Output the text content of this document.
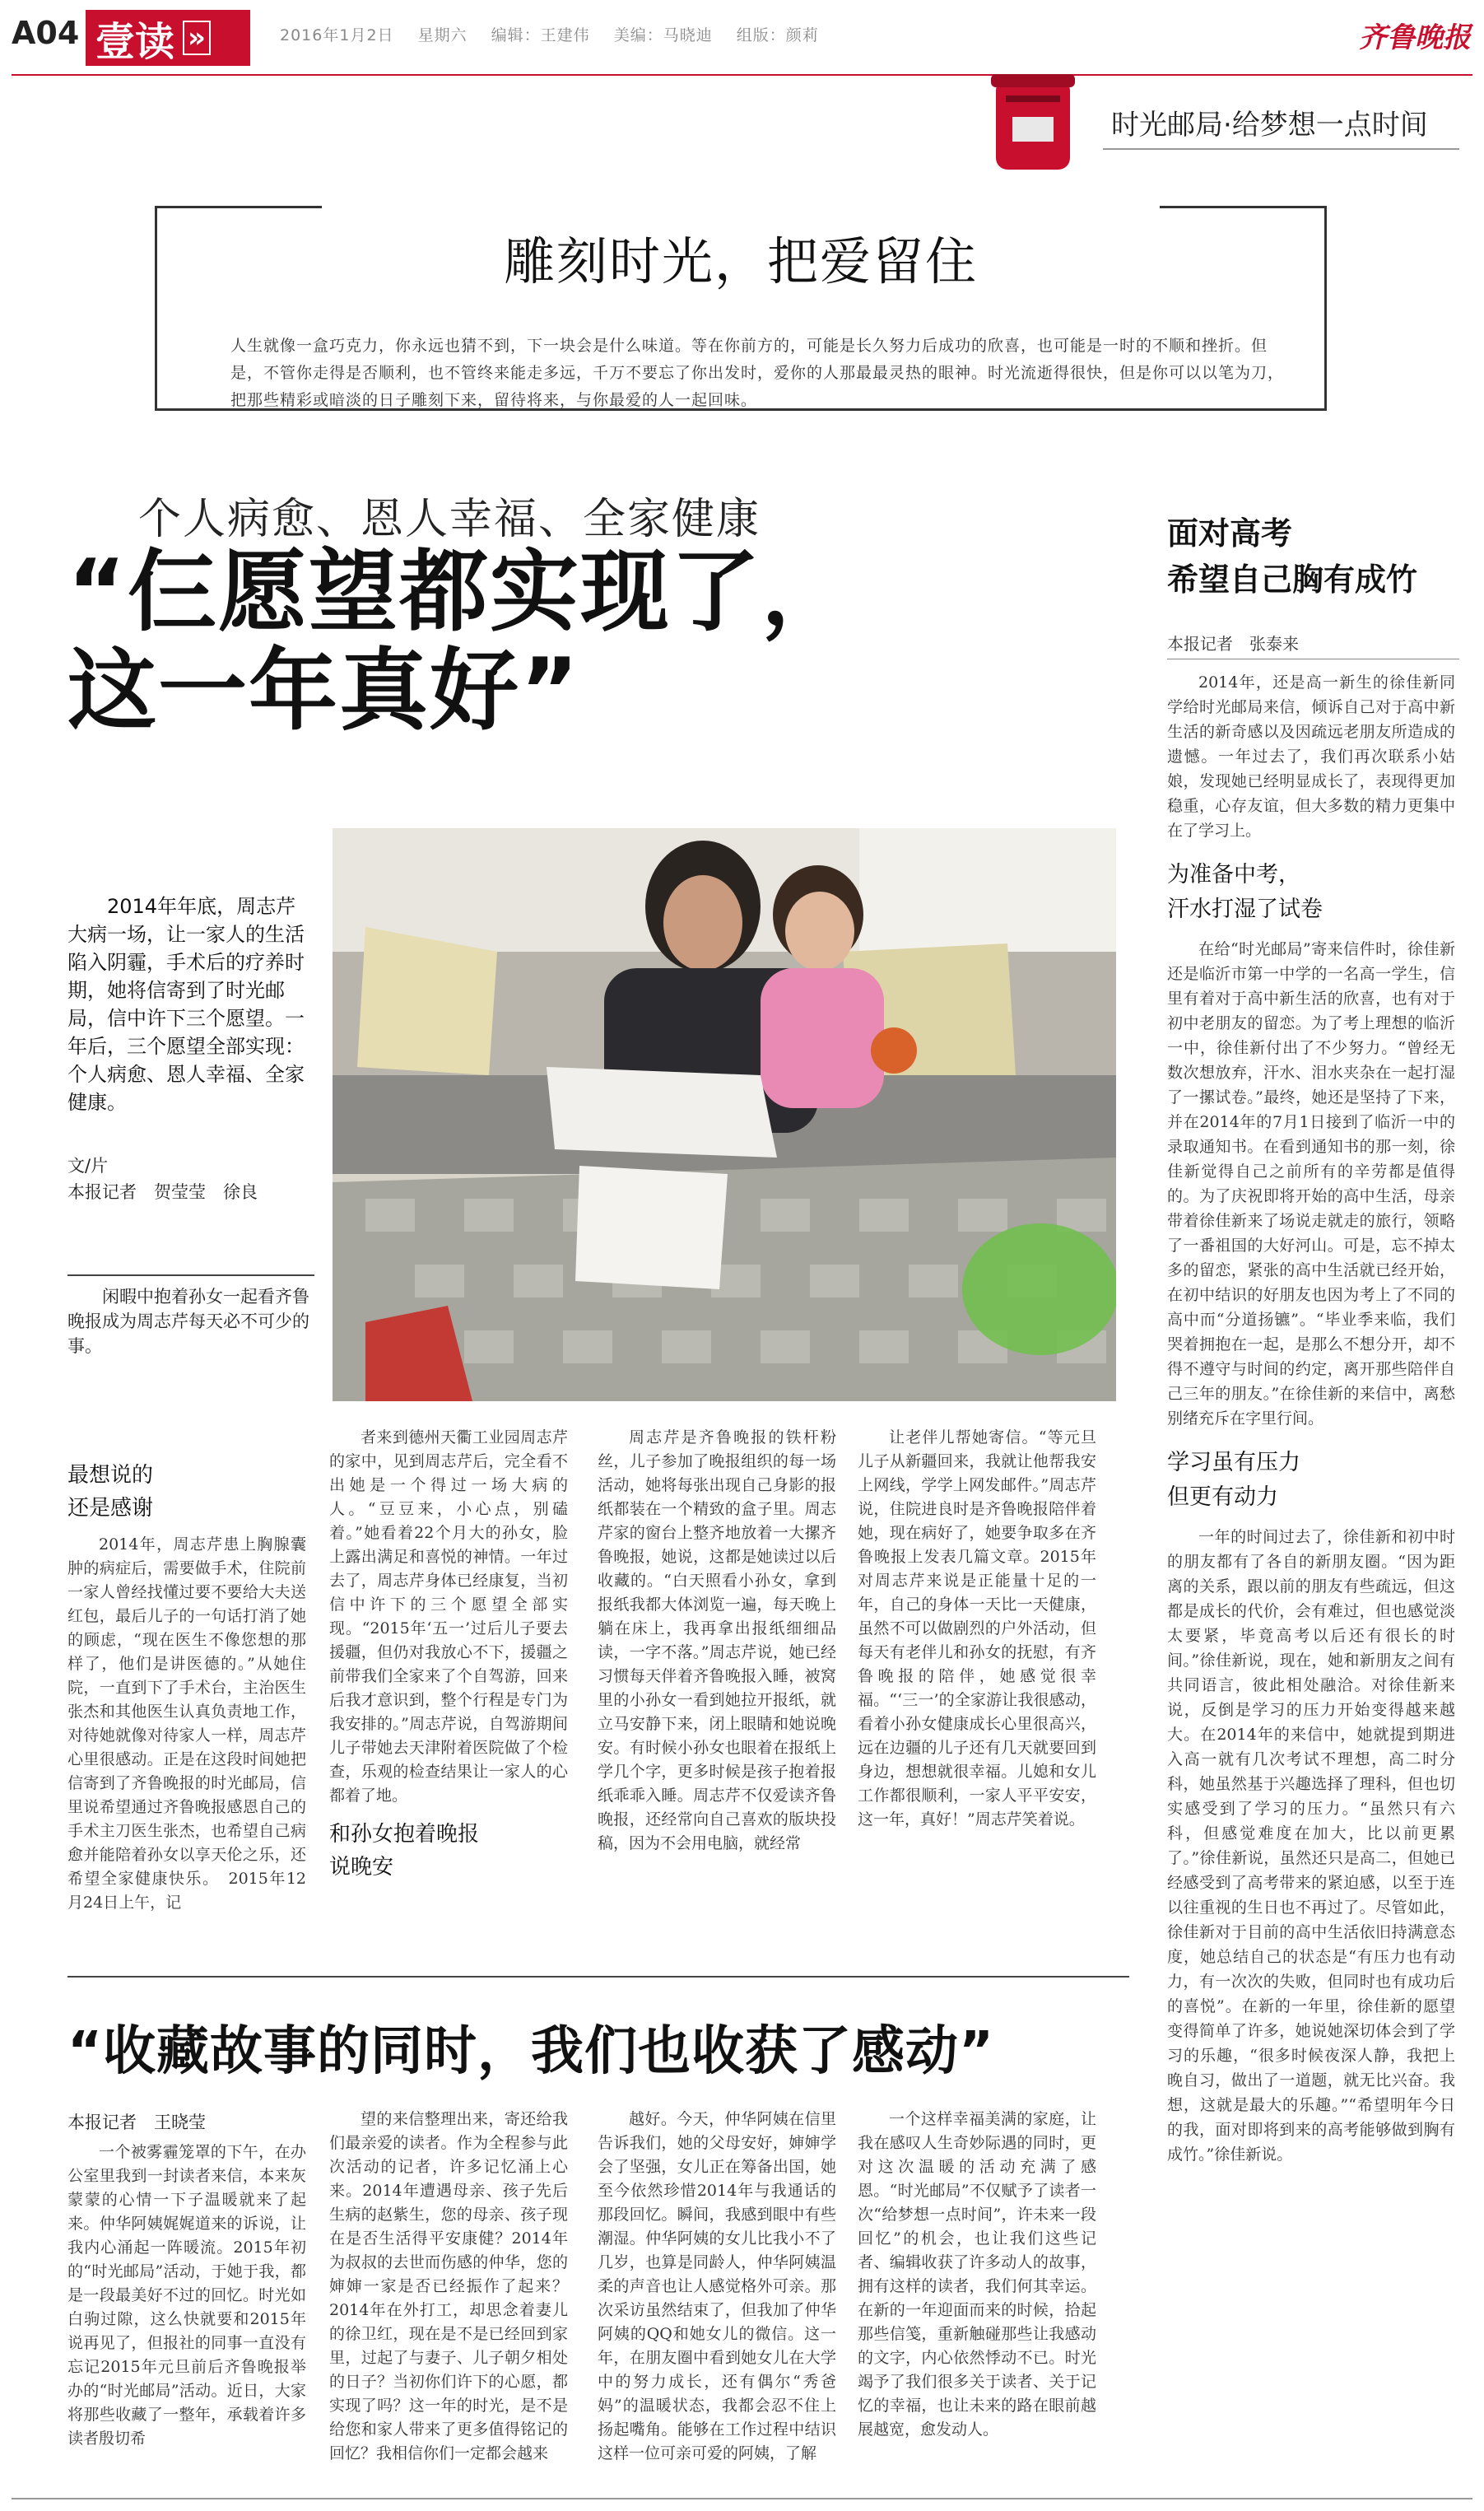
A04 壹读 »	2016年1月2日 星期六 编辑：王建伟 美编：马晓迪 组版：颜莉	齐鲁晚报
时光邮局·给梦想一点时间
雕刻时光，把爱留住
人生就像一盒巧克力，你永远也猜不到，下一块会是什么味道。等在你前方的，可能是长久努力后成功的欣喜，也可能是一时的不顺和挫折。但是，不管你走得是否顺利，也不管终来能走多远，千万不要忘了你出发时，爱你的人那最最灵热的眼神。时光流逝得很快，但是你可以以笔为刀，把那些精彩或暗淡的日子雕刻下来，留待将来，与你最爱的人一起回味。
个人病愈、恩人幸福、全家健康
“仨愿望都实现了，
这一年真好”
2014年年底，周志芹大病一场，让一家人的生活陷入阴霾，手术后的疗养时期，她将信寄到了时光邮局，信中许下三个愿望。一年后，三个愿望全部实现：个人病愈、恩人幸福、全家健康。
文/片
本报记者　贺莹莹　徐良
闲暇中抱着孙女一起看齐鲁晚报成为周志芹每天必不可少的事。
最想说的
还是感谢

2014年，周志芹患上胸腺囊肿的病症后，需要做手术，住院前一家人曾经找懂过要不要给大夫送红包，最后儿子的一句话打消了她的顾虑，“现在医生不像您想的那样了，他们是讲医德的。”从她住院，一直到下了手术台，主治医生张杰和其他医生认真负责地工作，对待她就像对待家人一样，周志芹心里很感动。正是在这段时间她把信寄到了齐鲁晚报的时光邮局，信里说希望通过齐鲁晚报感恩自己的手术主刀医生张杰，也希望自己病愈并能陪着孙女以享天伦之乐，还希望全家健康快乐。　2015年12月24日上午，记

者来到德州天衢工业园周志芹的家中，见到周志芹后，完全看不出她是一个得过一场大病的人。“豆豆来，小心点，别磕着。”她看着22个月大的孙女，脸上露出满足和喜悦的神情。一年过去了，周志芹身体已经康复，当初信中许下的三个愿望全部实现。“2015年‘五一’过后儿子要去援疆，但仍对我放心不下，援疆之前带我们全家来了个自驾游，回来后我才意识到，整个行程是专门为我安排的。”周志芹说，自驾游期间儿子带她去天津附着医院做了个检查，乐观的检查结果让一家人的心都着了地。

和孙女抱着晚报
说晚安

周志芹是齐鲁晚报的铁杆粉丝，儿子参加了晚报组织的每一场活动，她将每张出现自己身影的报纸都装在一个精致的盒子里。周志芹家的窗台上整齐地放着一大摞齐鲁晚报，她说，这都是她读过以后收藏的。“白天照看小孙女，拿到报纸我都大体浏览一遍，每天晚上躺在床上，我再拿出报纸细细品读，一字不落。”周志芹说，她已经习惯每天伴着齐鲁晚报入睡，被窝里的小孙女一看到她拉开报纸，就立马安静下来，闭上眼睛和她说晚安。有时候小孙女也眼着在报纸上学几个字，更多时候是孩子抱着报纸乖乖入睡。周志芹不仅爱读齐鲁晚报，还经常向自己喜欢的版块投稿，因为不会用电脑，就经常

让老伴儿帮她寄信。“等元旦儿子从新疆回来，我就让他帮我安上网线，学学上网发邮件。”周志芹说，住院进良时是齐鲁晚报陪伴着她，现在病好了，她要争取多在齐鲁晚报上发表几篇文章。2015年对周志芹来说是正能量十足的一年，自己的身体一天比一天健康，虽然不可以做剧烈的户外活动，但每天有老伴儿和孙女的抚慰，有齐鲁晚报的陪伴，她感觉很幸福。“‘三一’的全家游让我很感动，看着小孙女健康成长心里很高兴，远在边疆的儿子还有几天就要回到身边，想想就很幸福。儿媳和女儿工作都很顺利，一家人平平安安，这一年，真好！”周志芹笑着说。

面对高考
希望自己胸有成竹
本报记者　张泰来

2014年，还是高一新生的徐佳新同学给时光邮局来信，倾诉自己对于高中新生活的新奇感以及因疏远老朋友所造成的遗憾。一年过去了，我们再次联系小姑娘，发现她已经明显成长了，表现得更加稳重，心存友谊，但大多数的精力更集中在了学习上。

为准备中考，
汗水打湿了试卷

在给“时光邮局”寄来信件时，徐佳新还是临沂市第一中学的一名高一学生，信里有着对于高中新生活的欣喜，也有对于初中老朋友的留恋。为了考上理想的临沂一中，徐佳新付出了不少努力。“曾经无数次想放弃，汗水、泪水夹杂在一起打湿了一摞试卷。”最终，她还是坚持了下来，并在2014年的7月1日接到了临沂一中的录取通知书。在看到通知书的那一刻，徐佳新觉得自己之前所有的辛劳都是值得的。为了庆祝即将开始的高中生活，母亲带着徐佳新来了场说走就走的旅行，领略了一番祖国的大好河山。可是，忘不掉太多的留恋，紧张的高中生活就已经开始，在初中结识的好朋友也因为考上了不同的高中而“分道扬镳”。“毕业季来临，我们哭着拥抱在一起，是那么不想分开，却不得不遵守与时间的约定，离开那些陪伴自己三年的朋友。”在徐佳新的来信中，离愁别绪充斥在字里行间。

学习虽有压力
但更有动力

一年的时间过去了，徐佳新和初中时的朋友都有了各自的新朋友圈。“因为距离的关系，跟以前的朋友有些疏远，但这都是成长的代价，会有难过，但也感觉淡太要紧，毕竟高考以后还有很长的时间。”徐佳新说，现在，她和新朋友之间有共同语言，彼此相处融洽。对徐佳新来说，反倒是学习的压力开始变得越来越大。在2014年的来信中，她就提到期进入高一就有几次考试不理想，高二时分科，她虽然基于兴趣选择了理科，但也切实感受到了学习的压力。“虽然只有六科，但感觉难度在加大，比以前更累了。”徐佳新说，虽然还只是高二，但她已经感受到了高考带来的紧迫感，以至于连以往重视的生日也不再过了。尽管如此，徐佳新对于目前的高中生活依旧持满意态度，她总结自己的状态是“有压力也有动力，有一次次的失败，但同时也有成功后的喜悦”。在新的一年里，徐佳新的愿望变得简单了许多，她说她深切体会到了学习的乐趣，“很多时候夜深人静，我把上晚自习，做出了一道题，就无比兴奋。我想，这就是最大的乐趣。”“希望明年今日的我，面对即将到来的高考能够做到胸有成竹。”徐佳新说。

“收藏故事的同时，我们也收获了感动”
本报记者　王晓莹

一个被雾霾笼罩的下午，在办公室里我到一封读者来信，本来灰蒙蒙的心情一下子温暖就来了起来。仲华阿姨娓娓道来的诉说，让我内心涌起一阵暖流。2015年初的“时光邮局”活动，于她于我，都是一段最美好不过的回忆。时光如白驹过隙，这么快就要和2015年说再见了，但报社的同事一直没有忘记2015年元旦前后齐鲁晚报举办的“时光邮局”活动。近日，大家将那些收藏了一整年，承载着许多读者殷切希

望的来信整理出来，寄还给我们最亲爱的读者。作为全程参与此次活动的记者，许多记忆涌上心来。2014年遭遇母亲、孩子先后生病的赵紫生，您的母亲、孩子现在是否生活得平安康健？2014年为叔叔的去世而伤感的仲华，您的婶婶一家是否已经振作了起来？2014年在外打工，却思念着妻儿的徐卫红，现在是不是已经回到家里，过起了与妻子、儿子朝夕相处的日子？当初你们许下的心愿，都实现了吗？这一年的时光，是不是给您和家人带来了更多值得铭记的回忆？我相信你们一定都会越来

越好。今天，仲华阿姨在信里告诉我们，她的父母安好，婶婶学会了坚强，女儿正在筹备出国，她至今依然珍惜2014年与我通话的那段回忆。瞬间，我感到眼中有些潮湿。仲华阿姨的女儿比我小不了几岁，也算是同龄人，仲华阿姨温柔的声音也让人感觉格外可亲。那次采访虽然结束了，但我加了仲华阿姨的QQ和她女儿的微信。这一年，在朋友圈中看到她女儿在大学中的努力成长，还有偶尔“秀爸妈”的温暖状态，我都会忍不住上扬起嘴角。能够在工作过程中结识这样一位可亲可爱的阿姨，了解

一个这样幸福美满的家庭，让我在感叹人生奇妙际遇的同时，更对这次温暖的活动充满了感恩。“时光邮局”不仅赋予了读者一次“给梦想一点时间”，许未来一段回忆”的机会，也让我们这些记者、编辑收获了许多动人的故事，拥有这样的读者，我们何其幸运。在新的一年迎面而来的时候，拾起那些信笺，重新触碰那些让我感动的文字，内心依然悸动不已。时光竭予了我们很多关于读者、关于记忆的幸福，也让未来的路在眼前越展越宽，愈发动人。
